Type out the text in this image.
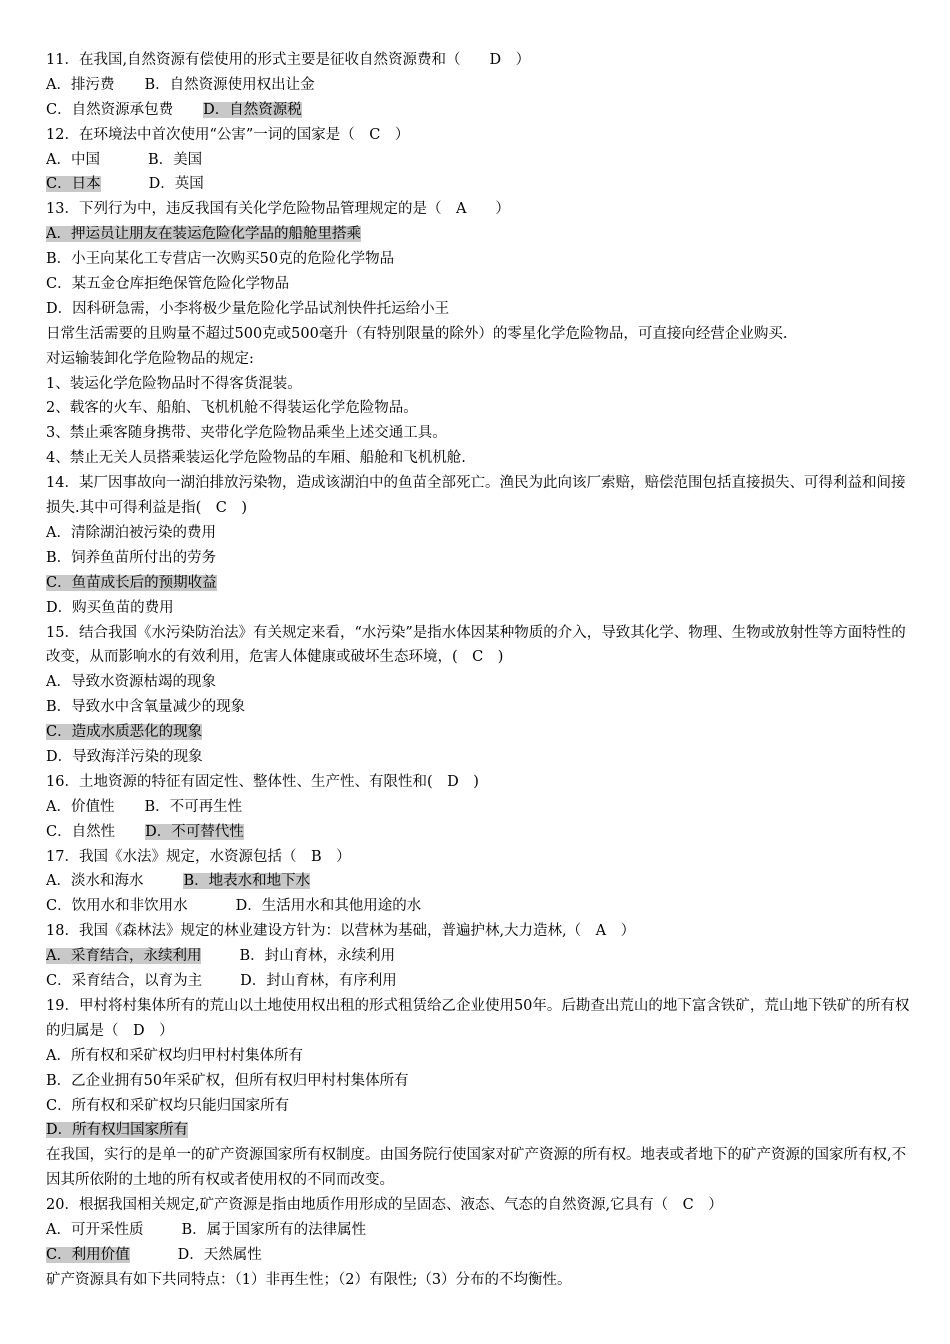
11．在我国,自然资源有偿使用的形式主要是征收自然资源费和（　　D　）
A．排污费 B．自然资源使用权出让金
C．自然资源承包费 D．自然资源税
12．在环境法中首次使用“公害”一词的国家是（　C　）
A．中国	B．美国
C．日本	D．英国
13．下列行为中，违反我国有关化学危险物品管理规定的是（　A　　）
A．押运员让朋友在装运危险化学品的船舱里搭乘
B．小王向某化工专营店一次购买50克的危险化学物品
C．某五金仓库拒绝保管危险化学物品
D．因科研急需，小李将极少量危险化学品试剂快件托运给小王
日常生活需要的且购量不超过500克或500毫升（有特别限量的除外）的零星化学危险物品，可直接向经营企业购买.
对运输装卸化学危险物品的规定:
1、装运化学危险物品时不得客货混装。
2、载客的火车、船舶、飞机机舱不得装运化学危险物品。
3、禁止乘客随身携带、夹带化学危险物品乘坐上述交通工具。
4、禁止无关人员搭乘装运化学危险物品的车厢、船舱和飞机机舱.
14．某厂因事故向一湖泊排放污染物，造成该湖泊中的鱼苗全部死亡。渔民为此向该厂索赔，赔偿范围包括直接损失、可得利益和间接损失.其中可得利益是指(　C　)
A．清除湖泊被污染的费用
B．饲养鱼苗所付出的劳务
C．鱼苗成长后的预期收益
D．购买鱼苗的费用
15．结合我国《水污染防治法》有关规定来看，“水污染”是指水体因某种物质的介入，导致其化学、物理、生物或放射性等方面特性的改变，从而影响水的有效利用，危害人体健康或破坏生态环境，(　C　)
A．导致水资源枯竭的现象
B．导致水中含氧量减少的现象
C．造成水质恶化的现象
D．导致海洋污染的现象
16．土地资源的特征有固定性、整体性、生产性、有限性和(　D　)
A．价值性 B．不可再生性
C．自然性 D．不可替代性
17．我国《水法》规定，水资源包括（　B　）
A．淡水和海水	B．地表水和地下水
C．饮用水和非饮用水	D．生活用水和其他用途的水
18．我国《森林法》规定的林业建设方针为：以营林为基础，普遍护林,大力造林,（　A　）
A．采育结合，永续利用	B．封山育林，永续利用
C．采育结合，以育为主	D．封山育林，有序利用
19．甲村将村集体所有的荒山以土地使用权出租的形式租赁给乙企业使用50年。后勘查出荒山的地下富含铁矿，荒山地下铁矿的所有权的归属是（　D　）
A．所有权和采矿权均归甲村村集体所有
B．乙企业拥有50年采矿权，但所有权归甲村村集体所有
C．所有权和采矿权均只能归国家所有
D．所有权归国家所有
在我国，实行的是单一的矿产资源国家所有权制度。由国务院行使国家对矿产资源的所有权。地表或者地下的矿产资源的国家所有权,不因其所依附的土地的所有权或者使用权的不同而改变。
20．根据我国相关规定,矿产资源是指由地质作用形成的呈固态、液态、气态的自然资源,它具有（　C　）
A．可开采性质	B．属于国家所有的法律属性
C．利用价值	D．天然属性
矿产资源具有如下共同特点：（1）非再生性；（2）有限性;（3）分布的不均衡性。
